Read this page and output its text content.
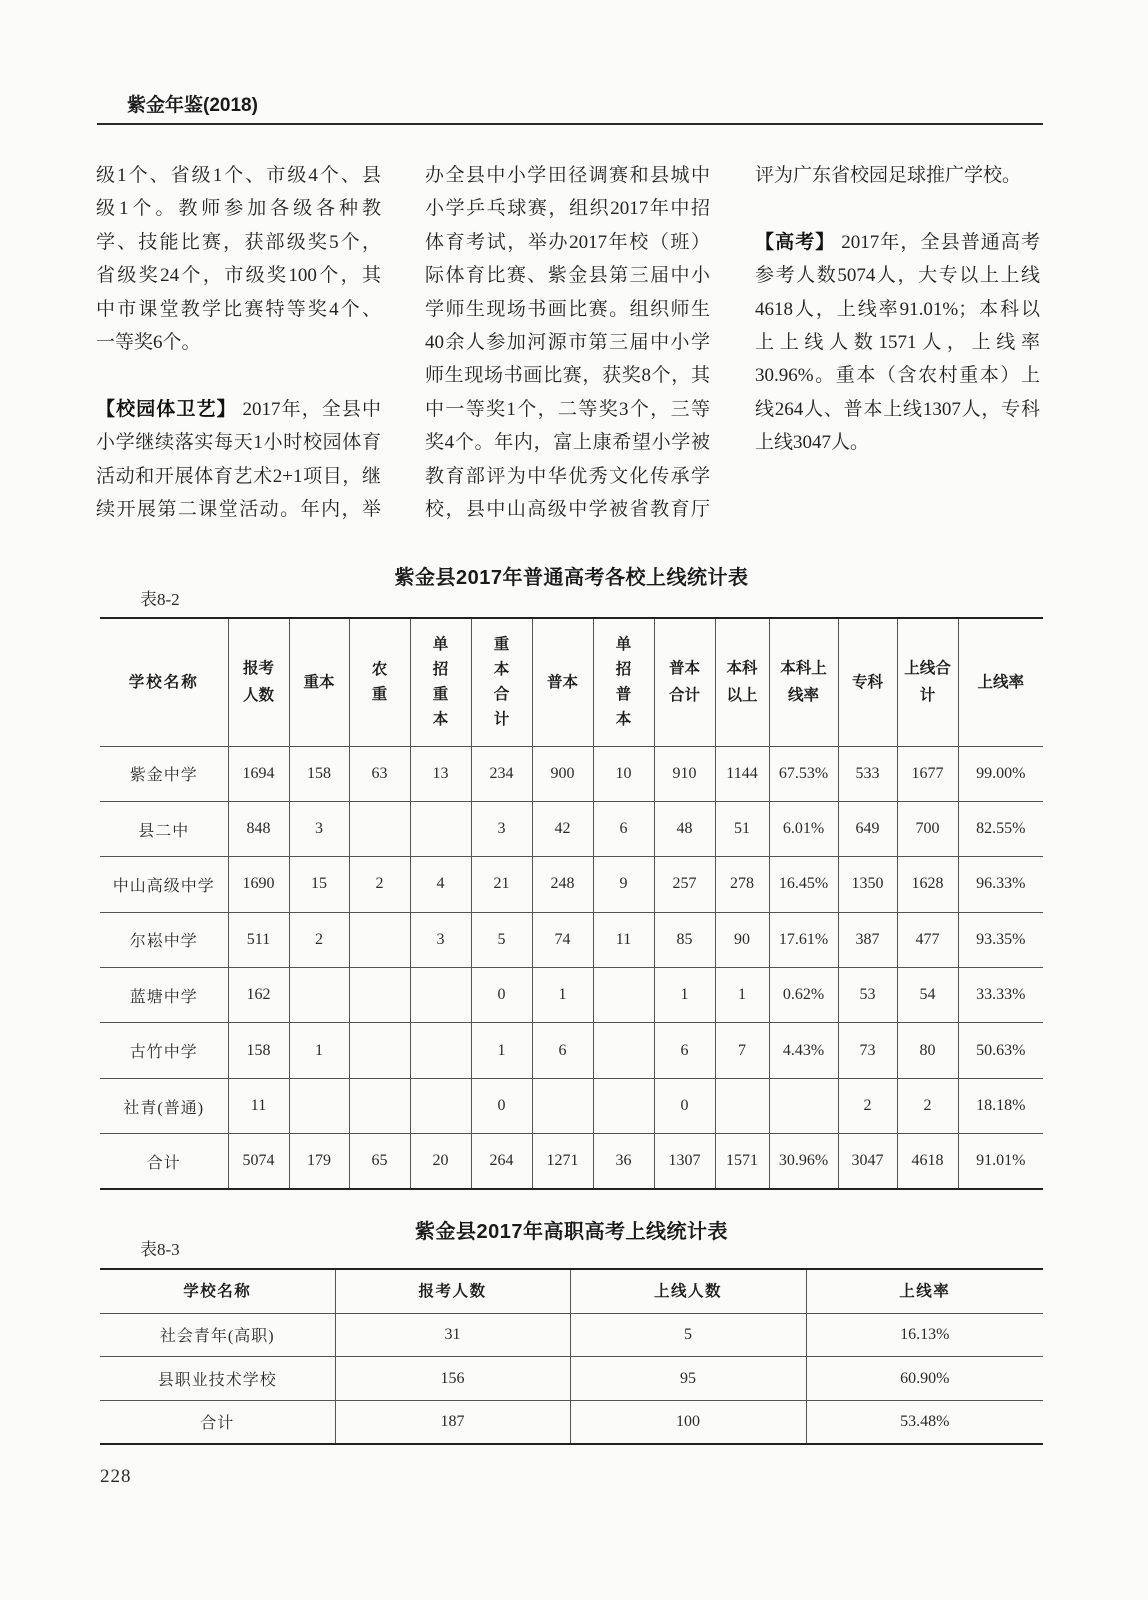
紫金年鉴(2018)
级1个、省级1个、市级4个、县
级1个。教师参加各级各种教
学、技能比赛，获部级奖5个，
省级奖24个，市级奖100个，其
中市课堂教学比赛特等奖4个、
一等奖6个。
【校园体卫艺】 2017年，全县中
小学继续落实每天1小时校园体育
活动和开展体育艺术2+1项目，继
续开展第二课堂活动。年内，举
办全县中小学田径调赛和县城中
小学乒乓球赛，组织2017年中招
体育考试，举办2017年校（班）
际体育比赛、紫金县第三届中小
学师生现场书画比赛。组织师生
40余人参加河源市第三届中小学
师生现场书画比赛，获奖8个，其
中一等奖1个，二等奖3个，三等
奖4个。年内，富上康希望小学被
教育部评为中华优秀文化传承学
校，县中山高级中学被省教育厅
评为广东省校园足球推广学校。
【高考】 2017年，全县普通高考
参考人数5074人，大专以上上线
4618人，上线率91.01%；本科以
上上线人数1571人，上线率
30.96%。重本（含农村重本）上
线264人、普本上线1307人，专科
上线3047人。
紫金县2017年普通高考各校上线统计表
表8-2
学校名称	报考人数	重本	农重	单招重本	重本合计	普本	单招普本	普本合计	本科以上	本科上线率	专科	上线合计	上线率
紫金中学	1694	158	63	13	234	900	10	910	1144	67.53%	533	1677	99.00%
县二中	848	3			3	42	6	48	51	6.01%	649	700	82.55%
中山高级中学	1690	15	2	4	21	248	9	257	278	16.45%	1350	1628	96.33%
尔崧中学	511	2		3	5	74	11	85	90	17.61%	387	477	93.35%
蓝塘中学	162				0	1		1	1	0.62%	53	54	33.33%
古竹中学	158	1			1	6		6	7	4.43%	73	80	50.63%
社青(普通)	11				0			0			2	2	18.18%
合计	5074	179	65	20	264	1271	36	1307	1571	30.96%	3047	4618	91.01%
紫金县2017年高职高考上线统计表
表8-3
学校名称	报考人数	上线人数	上线率
社会青年(高职)	31	5	16.13%
县职业技术学校	156	95	60.90%
合计	187	100	53.48%
228
